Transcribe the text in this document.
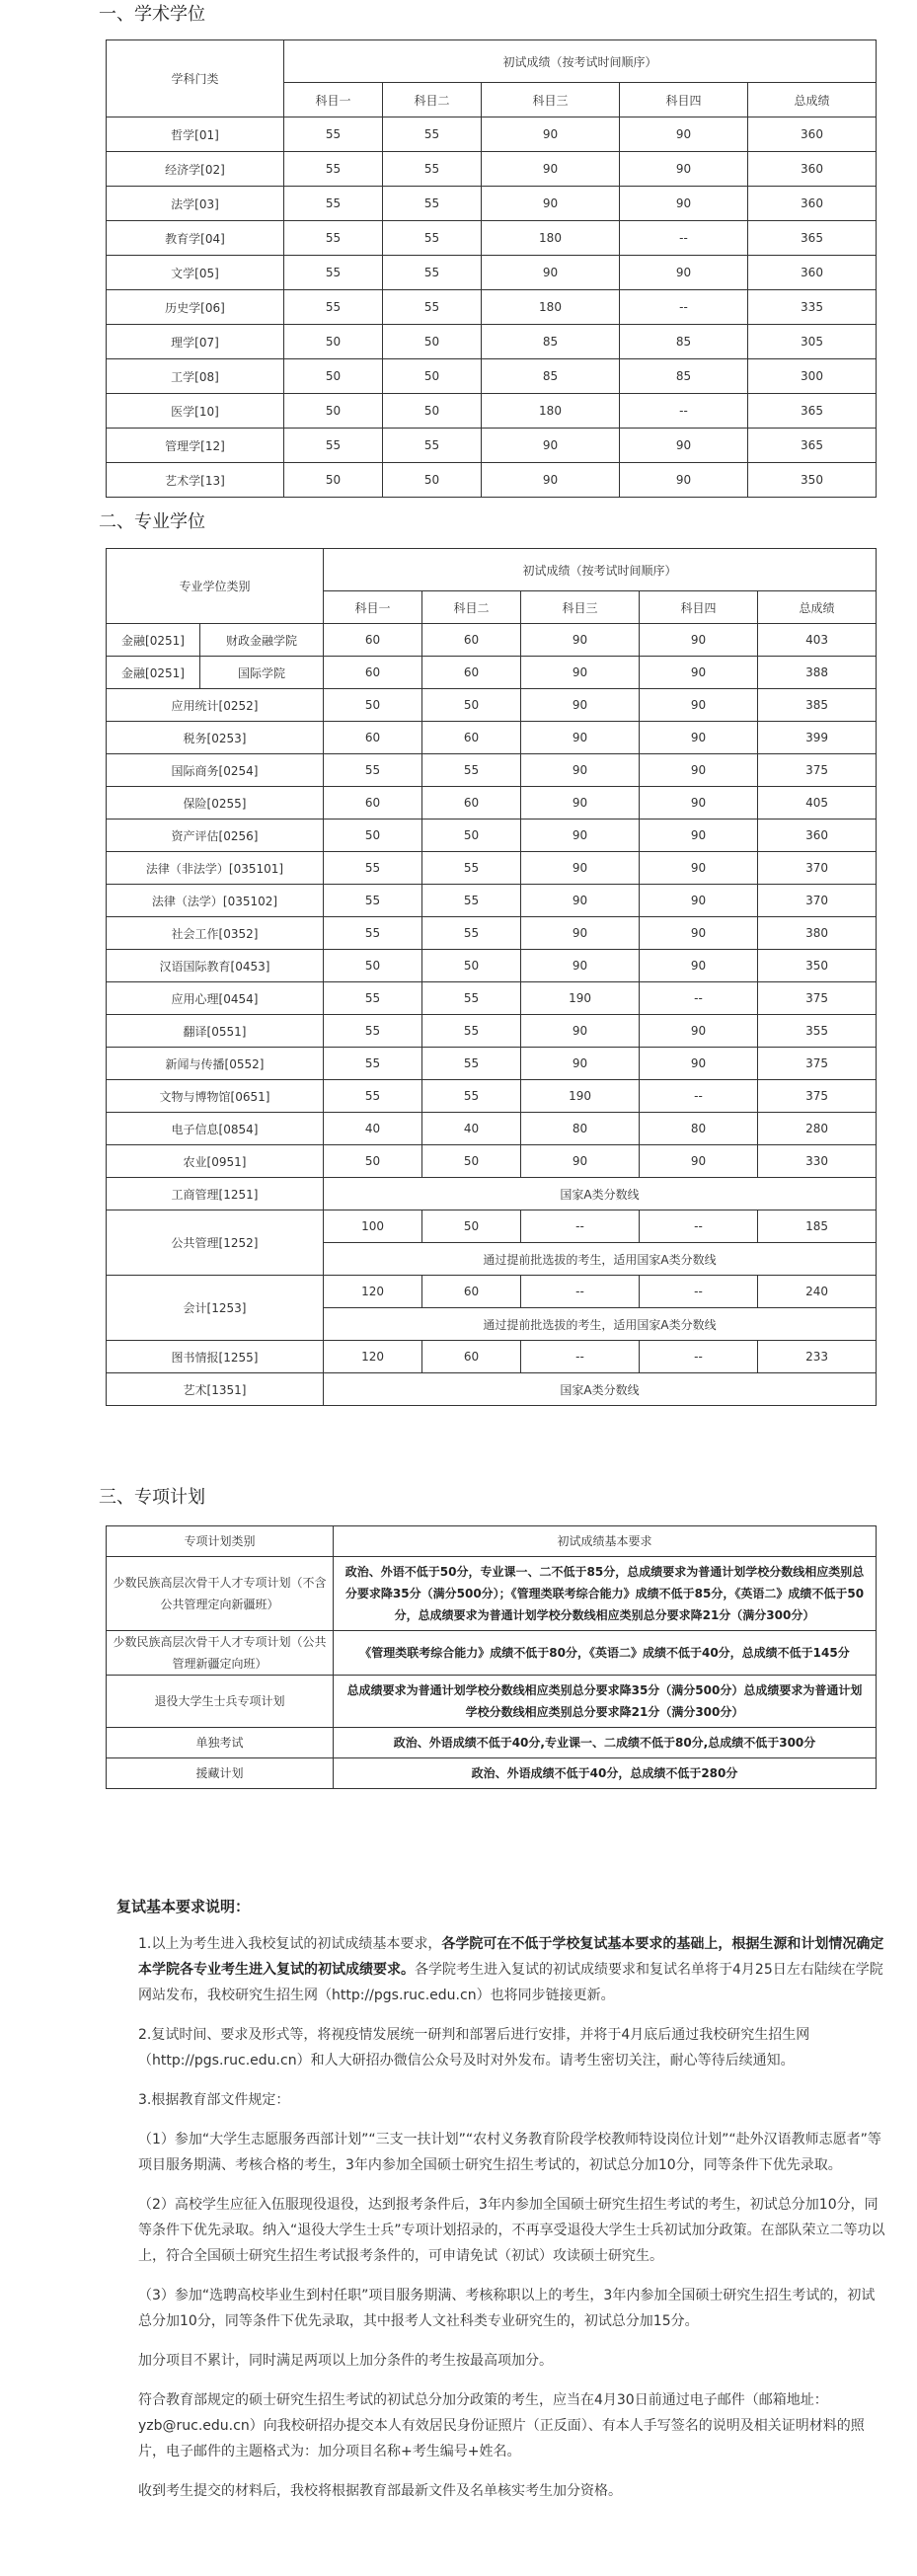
一、学术学位
学科门类	初试成绩（按考试时间顺序）				
	科目一	科目二	科目三	科目四	总成绩
哲学[01]	55	55	90	90	360
经济学[02]	55	55	90	90	360
法学[03]	55	55	90	90	360
教育学[04]	55	55	180	--	365
文学[05]	55	55	90	90	360
历史学[06]	55	55	180	--	335
理学[07]	50	50	85	85	305
工学[08]	50	50	85	85	300
医学[10]	50	50	180	--	365
管理学[12]	55	55	90	90	365
艺术学[13]	50	50	90	90	350
二、专业学位
专业学位类别		初试成绩（按考试时间顺序）				
		科目一	科目二	科目三	科目四	总成绩
金融[0251]	财政金融学院	60	60	90	90	403
金融[0251]	国际学院	60	60	90	90	388
应用统计[0252]		50	50	90	90	385
税务[0253]		60	60	90	90	399
国际商务[0254]		55	55	90	90	375
保险[0255]		60	60	90	90	405
资产评估[0256]		50	50	90	90	360
法律（非法学）[035101]		55	55	90	90	370
法律（法学）[035102]		55	55	90	90	370
社会工作[0352]		55	55	90	90	380
汉语国际教育[0453]		50	50	90	90	350
应用心理[0454]		55	55	190	--	375
翻译[0551]		55	55	90	90	355
新闻与传播[0552]		55	55	90	90	375
文物与博物馆[0651]		55	55	190	--	375
电子信息[0854]		40	40	80	80	280
农业[0951]		50	50	90	90	330
工商管理[1251]		国家A类分数线				
公共管理[1252]		100	50	--	--	185
		通过提前批选拔的考生，适用国家A类分数线				
会计[1253]		120	60	--	--	240
		通过提前批选拔的考生，适用国家A类分数线				
图书情报[1255]		120	60	--	--	233
艺术[1351]		国家A类分数线				
三、专项计划
专项计划类别	初试成绩基本要求
少数民族高层次骨干人才专项计划（不含公共管理定向新疆班）	政治、外语不低于50分，专业课一、二不低于85分，总成绩要求为普通计划学校分数线相应类别总分要求降35分（满分500分）；《管理类联考综合能力》成绩不低于85分，《英语二》成绩不低于50分，总成绩要求为普通计划学校分数线相应类别总分要求降21分（满分300分）
少数民族高层次骨干人才专项计划（公共管理新疆定向班）	《管理类联考综合能力》成绩不低于80分，《英语二》成绩不低于40分，总成绩不低于145分
退役大学生士兵专项计划	总成绩要求为普通计划学校分数线相应类别总分要求降35分（满分500分）总成绩要求为普通计划学校分数线相应类别总分要求降21分（满分300分）
单独考试	政治、外语成绩不低于40分,专业课一、二成绩不低于80分,总成绩不低于300分
援藏计划	政治、外语成绩不低于40分，总成绩不低于280分

复试基本要求说明：

1.以上为考生进入我校复试的初试成绩基本要求，各学院可在不低于学校复试基本要求的基础上，根据生源和计划情况确定本学院各专业考生进入复试的初试成绩要求。各学院考生进入复试的初试成绩要求和复试名单将于4月25日左右陆续在学院网站发布，我校研究生招生网（http://pgs.ruc.edu.cn）也将同步链接更新。

2.复试时间、要求及形式等，将视疫情发展统一研判和部署后进行安排，并将于4月底后通过我校研究生招生网（http://pgs.ruc.edu.cn）和人大研招办微信公众号及时对外发布。请考生密切关注，耐心等待后续通知。

3.根据教育部文件规定：

（1）参加“大学生志愿服务西部计划”“三支一扶计划”“农村义务教育阶段学校教师特设岗位计划”“赴外汉语教师志愿者”等项目服务期满、考核合格的考生，3年内参加全国硕士研究生招生考试的，初试总分加10分，同等条件下优先录取。

（2）高校学生应征入伍服现役退役，达到报考条件后，3年内参加全国硕士研究生招生考试的考生，初试总分加10分，同等条件下优先录取。纳入“退役大学生士兵”专项计划招录的，不再享受退役大学生士兵初试加分政策。在部队荣立二等功以上，符合全国硕士研究生招生考试报考条件的，可申请免试（初试）攻读硕士研究生。

（3）参加“选聘高校毕业生到村任职”项目服务期满、考核称职以上的考生，3年内参加全国硕士研究生招生考试的，初试总分加10分，同等条件下优先录取，其中报考人文社科类专业研究生的，初试总分加15分。

加分项目不累计，同时满足两项以上加分条件的考生按最高项加分。

符合教育部规定的硕士研究生招生考试的初试总分加分政策的考生，应当在4月30日前通过电子邮件（邮箱地址：yzb@ruc.edu.cn）向我校研招办提交本人有效居民身份证照片（正反面）、有本人手写签名的说明及相关证明材料的照片，电子邮件的主题格式为：加分项目名称+考生编号+姓名。

收到考生提交的材料后，我校将根据教育部最新文件及名单核实考生加分资格。
